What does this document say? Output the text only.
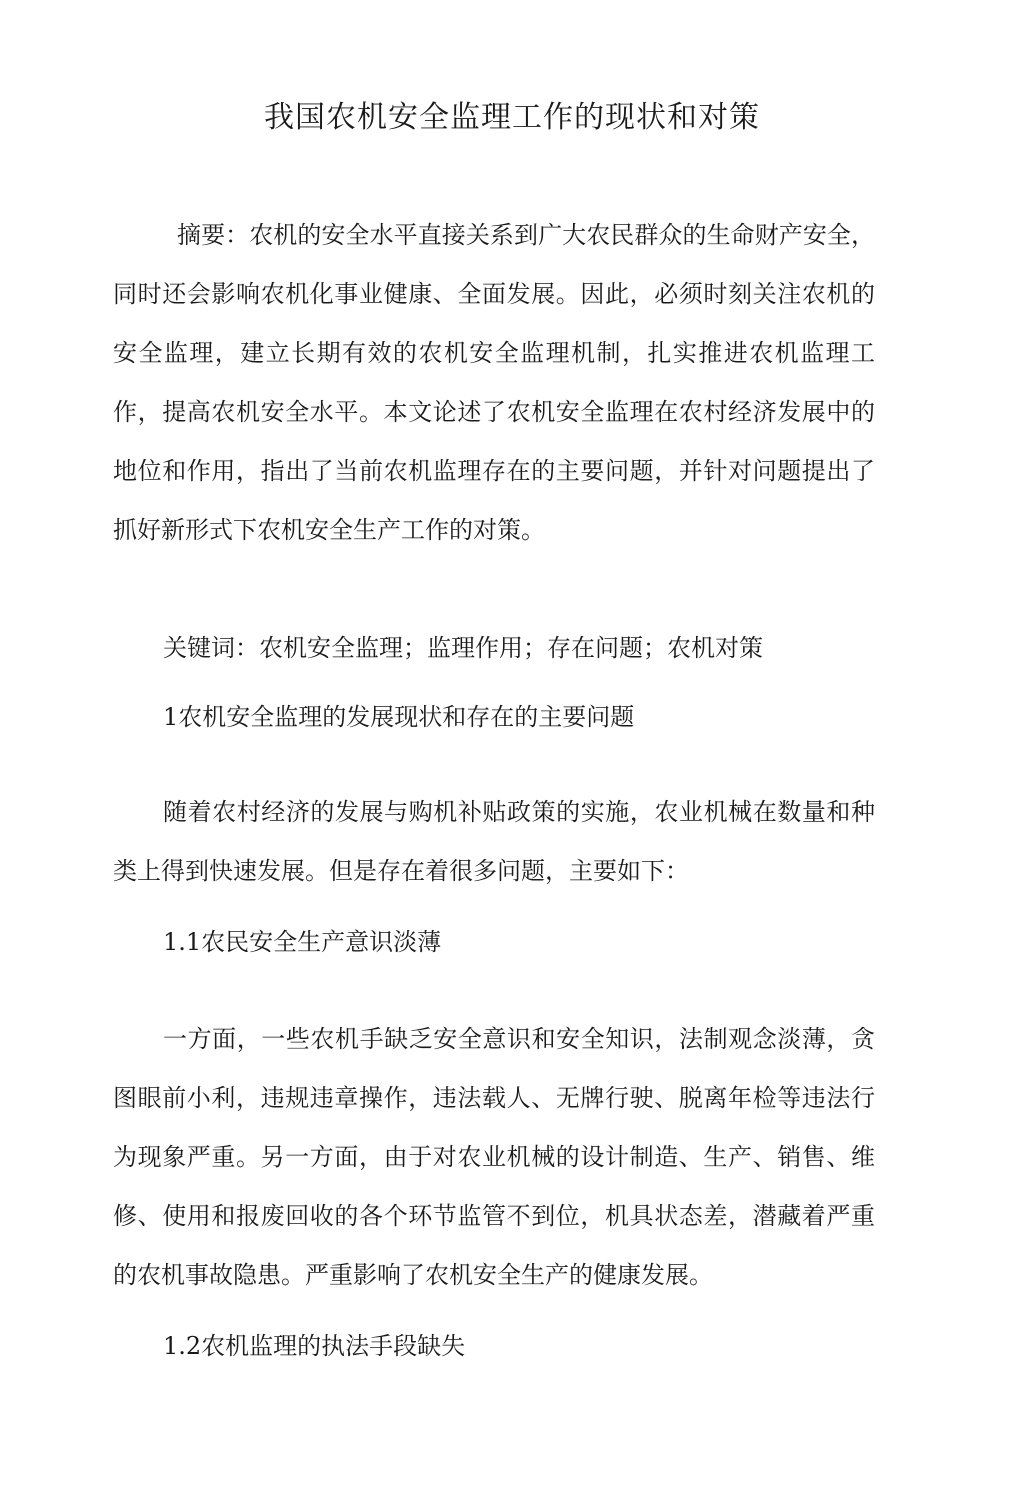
我国农机安全监理工作的现状和对策

摘要：农机的安全水平直接关系到广大农民群众的生命财产安全，同时还会影响农机化事业健康、全面发展。因此，必须时刻关注农机的安全监理，建立长期有效的农机安全监理机制，扎实推进农机监理工作，提高农机安全水平。本文论述了农机安全监理在农村经济发展中的地位和作用，指出了当前农机监理存在的主要问题，并针对问题提出了抓好新形式下农机安全生产工作的对策。

关键词：农机安全监理；监理作用；存在问题；农机对策

1农机安全监理的发展现状和存在的主要问题

随着农村经济的发展与购机补贴政策的实施，农业机械在数量和种类上得到快速发展。但是存在着很多问题，主要如下：

1.1农民安全生产意识淡薄

一方面，一些农机手缺乏安全意识和安全知识，法制观念淡薄，贪图眼前小利，违规违章操作，违法载人、无牌行驶、脱离年检等违法行为现象严重。另一方面，由于对农业机械的设计制造、生产、销售、维修、使用和报废回收的各个环节监管不到位，机具状态差，潜藏着严重的农机事故隐患。严重影响了农机安全生产的健康发展。

1.2农机监理的执法手段缺失
